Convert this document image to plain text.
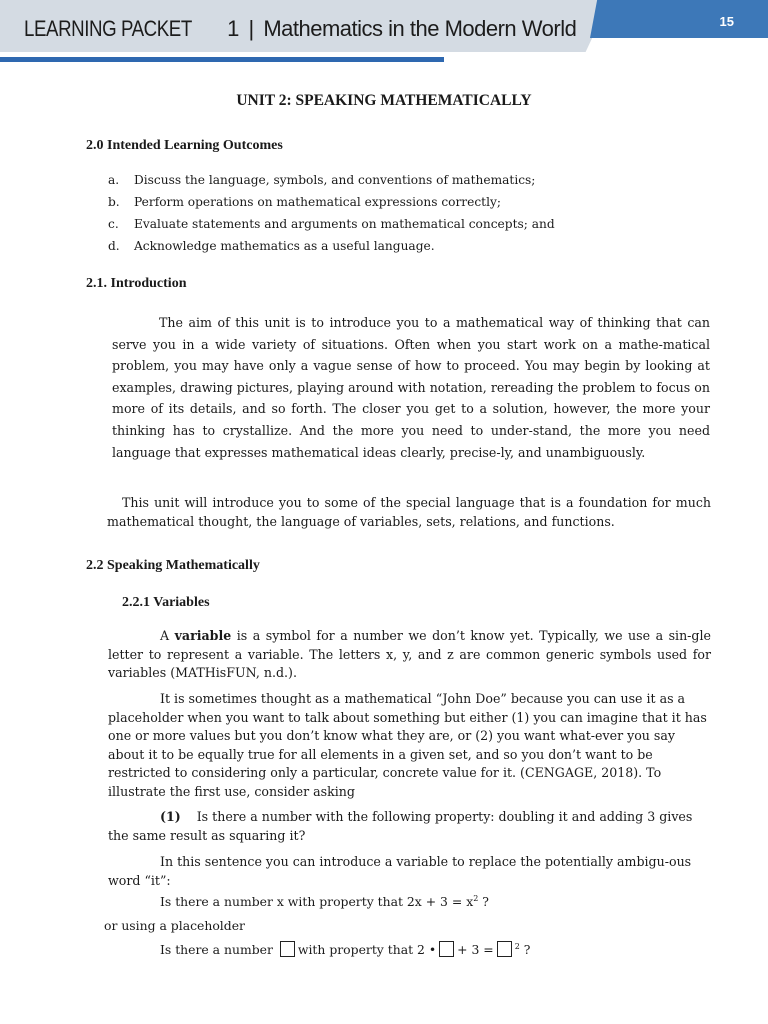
LEARNING PACKET 1 | Mathematics in the Modern World	15
UNIT 2: SPEAKING MATHEMATICALLY
2.0 Intended Learning Outcomes
a.	Discuss the language, symbols, and conventions of mathematics;
b.	Perform operations on mathematical expressions correctly;
c.	Evaluate statements and arguments on mathematical concepts; and
d.	Acknowledge mathematics as a useful language.
2.1. Introduction
The aim of this unit is to introduce you to a mathematical way of thinking that can serve you in a wide variety of situations. Often when you start work on a mathe-matical problem, you may have only a vague sense of how to proceed. You may begin by looking at examples, drawing pictures, playing around with notation, rereading the problem to focus on more of its details, and so forth. The closer you get to a solution, however, the more your thinking has to crystallize. And the more you need to under-stand, the more you need language that expresses mathematical ideas clearly, precise-ly, and unambiguously.
This unit will introduce you to some of the special language that is a foundation for much mathematical thought, the language of variables, sets, relations, and functions.
2.2 Speaking Mathematically
2.2.1 Variables
A variable is a symbol for a number we don’t know yet. Typically, we use a sin-gle letter to represent a variable. The letters x, y, and z are common generic symbols used for variables (MATHisFUN, n.d.).
It is sometimes thought as a mathematical “John Doe” because you can use it as a placeholder when you want to talk about something but either (1) you can imagine that it has one or more values but you don’t know what they are, or (2) you want what-ever you say about it to be equally true for all elements in a given set, and so you don’t want to be restricted to considering only a particular, concrete value for it. (CENGAGE, 2018). To illustrate the first use, consider asking
(1) Is there a number with the following property: doubling it and adding 3 gives the same result as squaring it?
In this sentence you can introduce a variable to replace the potentially ambigu-ous word “it”:
Is there a number x with property that $2x + 3 = x^2$ ?
or using a placeholder
Is there a number with property that 2 • + 3 =	$^2$ ?
